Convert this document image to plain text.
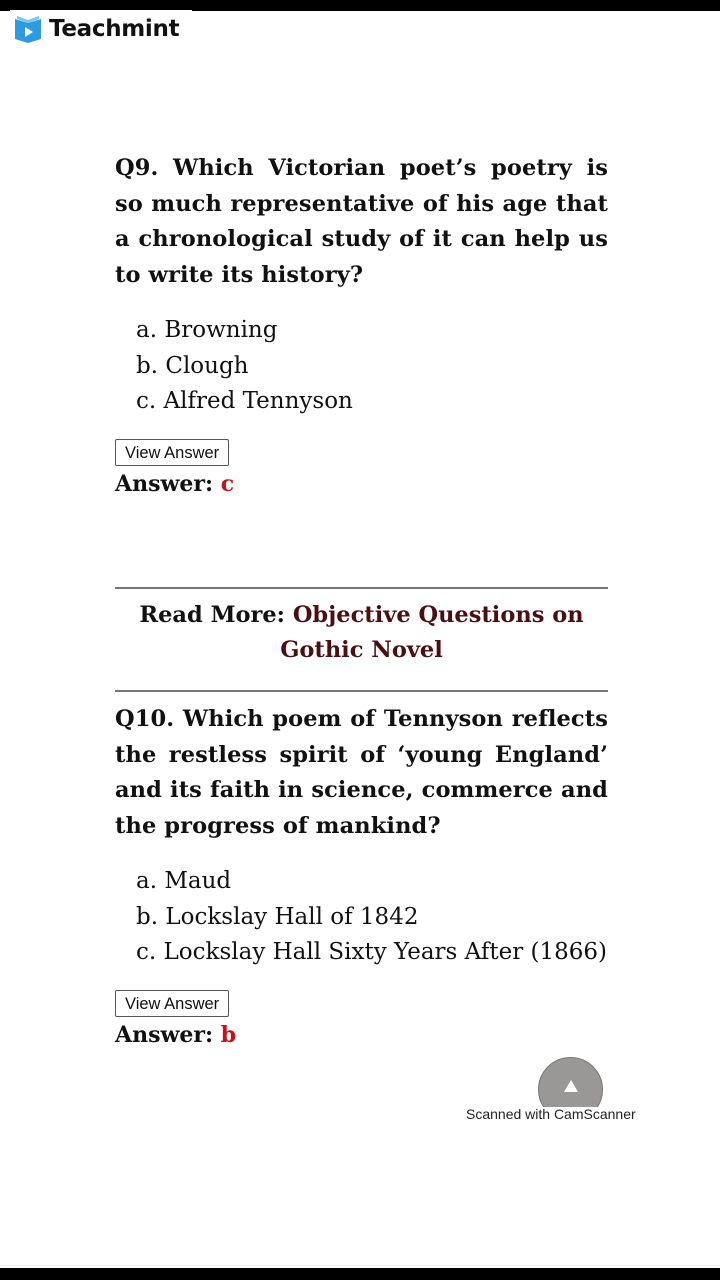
Teachmint

Q9. Which Victorian poet’s poetry is so much representative of his age that a chronological study of it can help us to write its history?

a. Browning
b. Clough
c. Alfred Tennyson
View Answer
Answer: c
Read More: Objective Questions on Gothic Novel

Q10. Which poem of Tennyson reflects the restless spirit of ‘young England’ and its faith in science, commerce and the progress of mankind?

a. Maud
b. Lockslay Hall of 1842
c. Lockslay Hall Sixty Years After (1866)
View Answer
Answer: b
Scanned with CamScanner
